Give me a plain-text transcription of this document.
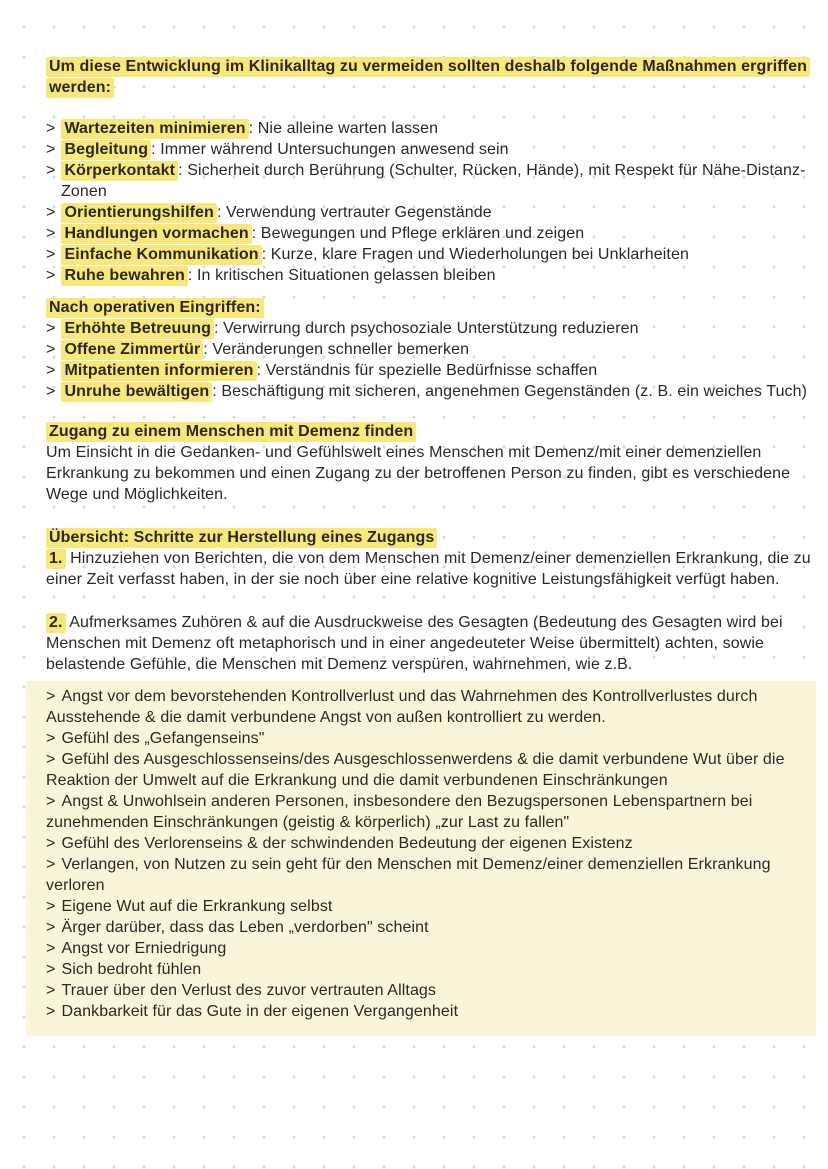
Um diese Entwicklung im Klinikalltag zu vermeiden sollten deshalb folgende Maßnahmen ergriffen werden:

> Wartezeiten minimieren : Nie alleine warten lassen

> Begleitung : Immer während Untersuchungen anwesend sein

> Körperkontakt : Sicherheit durch Berührung (Schulter, Rücken, Hände), mit Respekt für Nähe-Distanz-Zonen

> Orientierungshilfen : Verwendung vertrauter Gegenstände

> Handlungen vormachen : Bewegungen und Pflege erklären und zeigen

> Einfache Kommunikation : Kurze, klare Fragen und Wiederholungen bei Unklarheiten

> Ruhe bewahren : In kritischen Situationen gelassen bleiben

Nach operativen Eingriffen:

> Erhöhte Betreuung : Verwirrung durch psychosoziale Unterstützung reduzieren

> Offene Zimmertür : Veränderungen schneller bemerken

> Mitpatienten informieren : Verständnis für spezielle Bedürfnisse schaffen

> Unruhe bewältigen : Beschäftigung mit sicheren, angenehmen Gegenständen (z. B. ein weiches Tuch)

Zugang zu einem Menschen mit Demenz finden

Um Einsicht in die Gedanken- und Gefühlswelt eines Menschen mit Demenz/mit einer demenziellen Erkrankung zu bekommen und einen Zugang zu der betroffenen Person zu finden, gibt es verschiedene Wege und Möglichkeiten.

Übersicht: Schritte zur Herstellung eines Zugangs

1. Hinzuziehen von Berichten, die von dem Menschen mit Demenz/einer demenziellen Erkrankung, die zu einer Zeit verfasst haben, in der sie noch über eine relative kognitive Leistungsfähigkeit verfügt haben.

2. Aufmerksames Zuhören & auf die Ausdruckweise des Gesagten (Bedeutung des Gesagten wird bei Menschen mit Demenz oft metaphorisch und in einer angedeuteter Weise übermittelt) achten, sowie belastende Gefühle, die Menschen mit Demenz verspüren, wahrnehmen, wie z.B.

> Angst vor dem bevorstehenden Kontrollverlust und das Wahrnehmen des Kontrollverlustes durch Ausstehende & die damit verbundene Angst von außen kontrolliert zu werden.

> Gefühl des „Gefangenseins"

> Gefühl des Ausgeschlossenseins/des Ausgeschlossenwerdens & die damit verbundene Wut über die Reaktion der Umwelt auf die Erkrankung und die damit verbundenen Einschränkungen

> Angst & Unwohlsein anderen Personen, insbesondere den Bezugspersonen Lebenspartnern bei zunehmenden Einschränkungen (geistig & körperlich) „zur Last zu fallen"

> Gefühl des Verlorenseins & der schwindenden Bedeutung der eigenen Existenz

> Verlangen, von Nutzen zu sein geht für den Menschen mit Demenz/einer demenziellen Erkrankung verloren

> Eigene Wut auf die Erkrankung selbst

> Ärger darüber, dass das Leben „verdorben" scheint

> Angst vor Erniedrigung

> Sich bedroht fühlen

> Trauer über den Verlust des zuvor vertrauten Alltags

> Dankbarkeit für das Gute in der eigenen Vergangenheit
